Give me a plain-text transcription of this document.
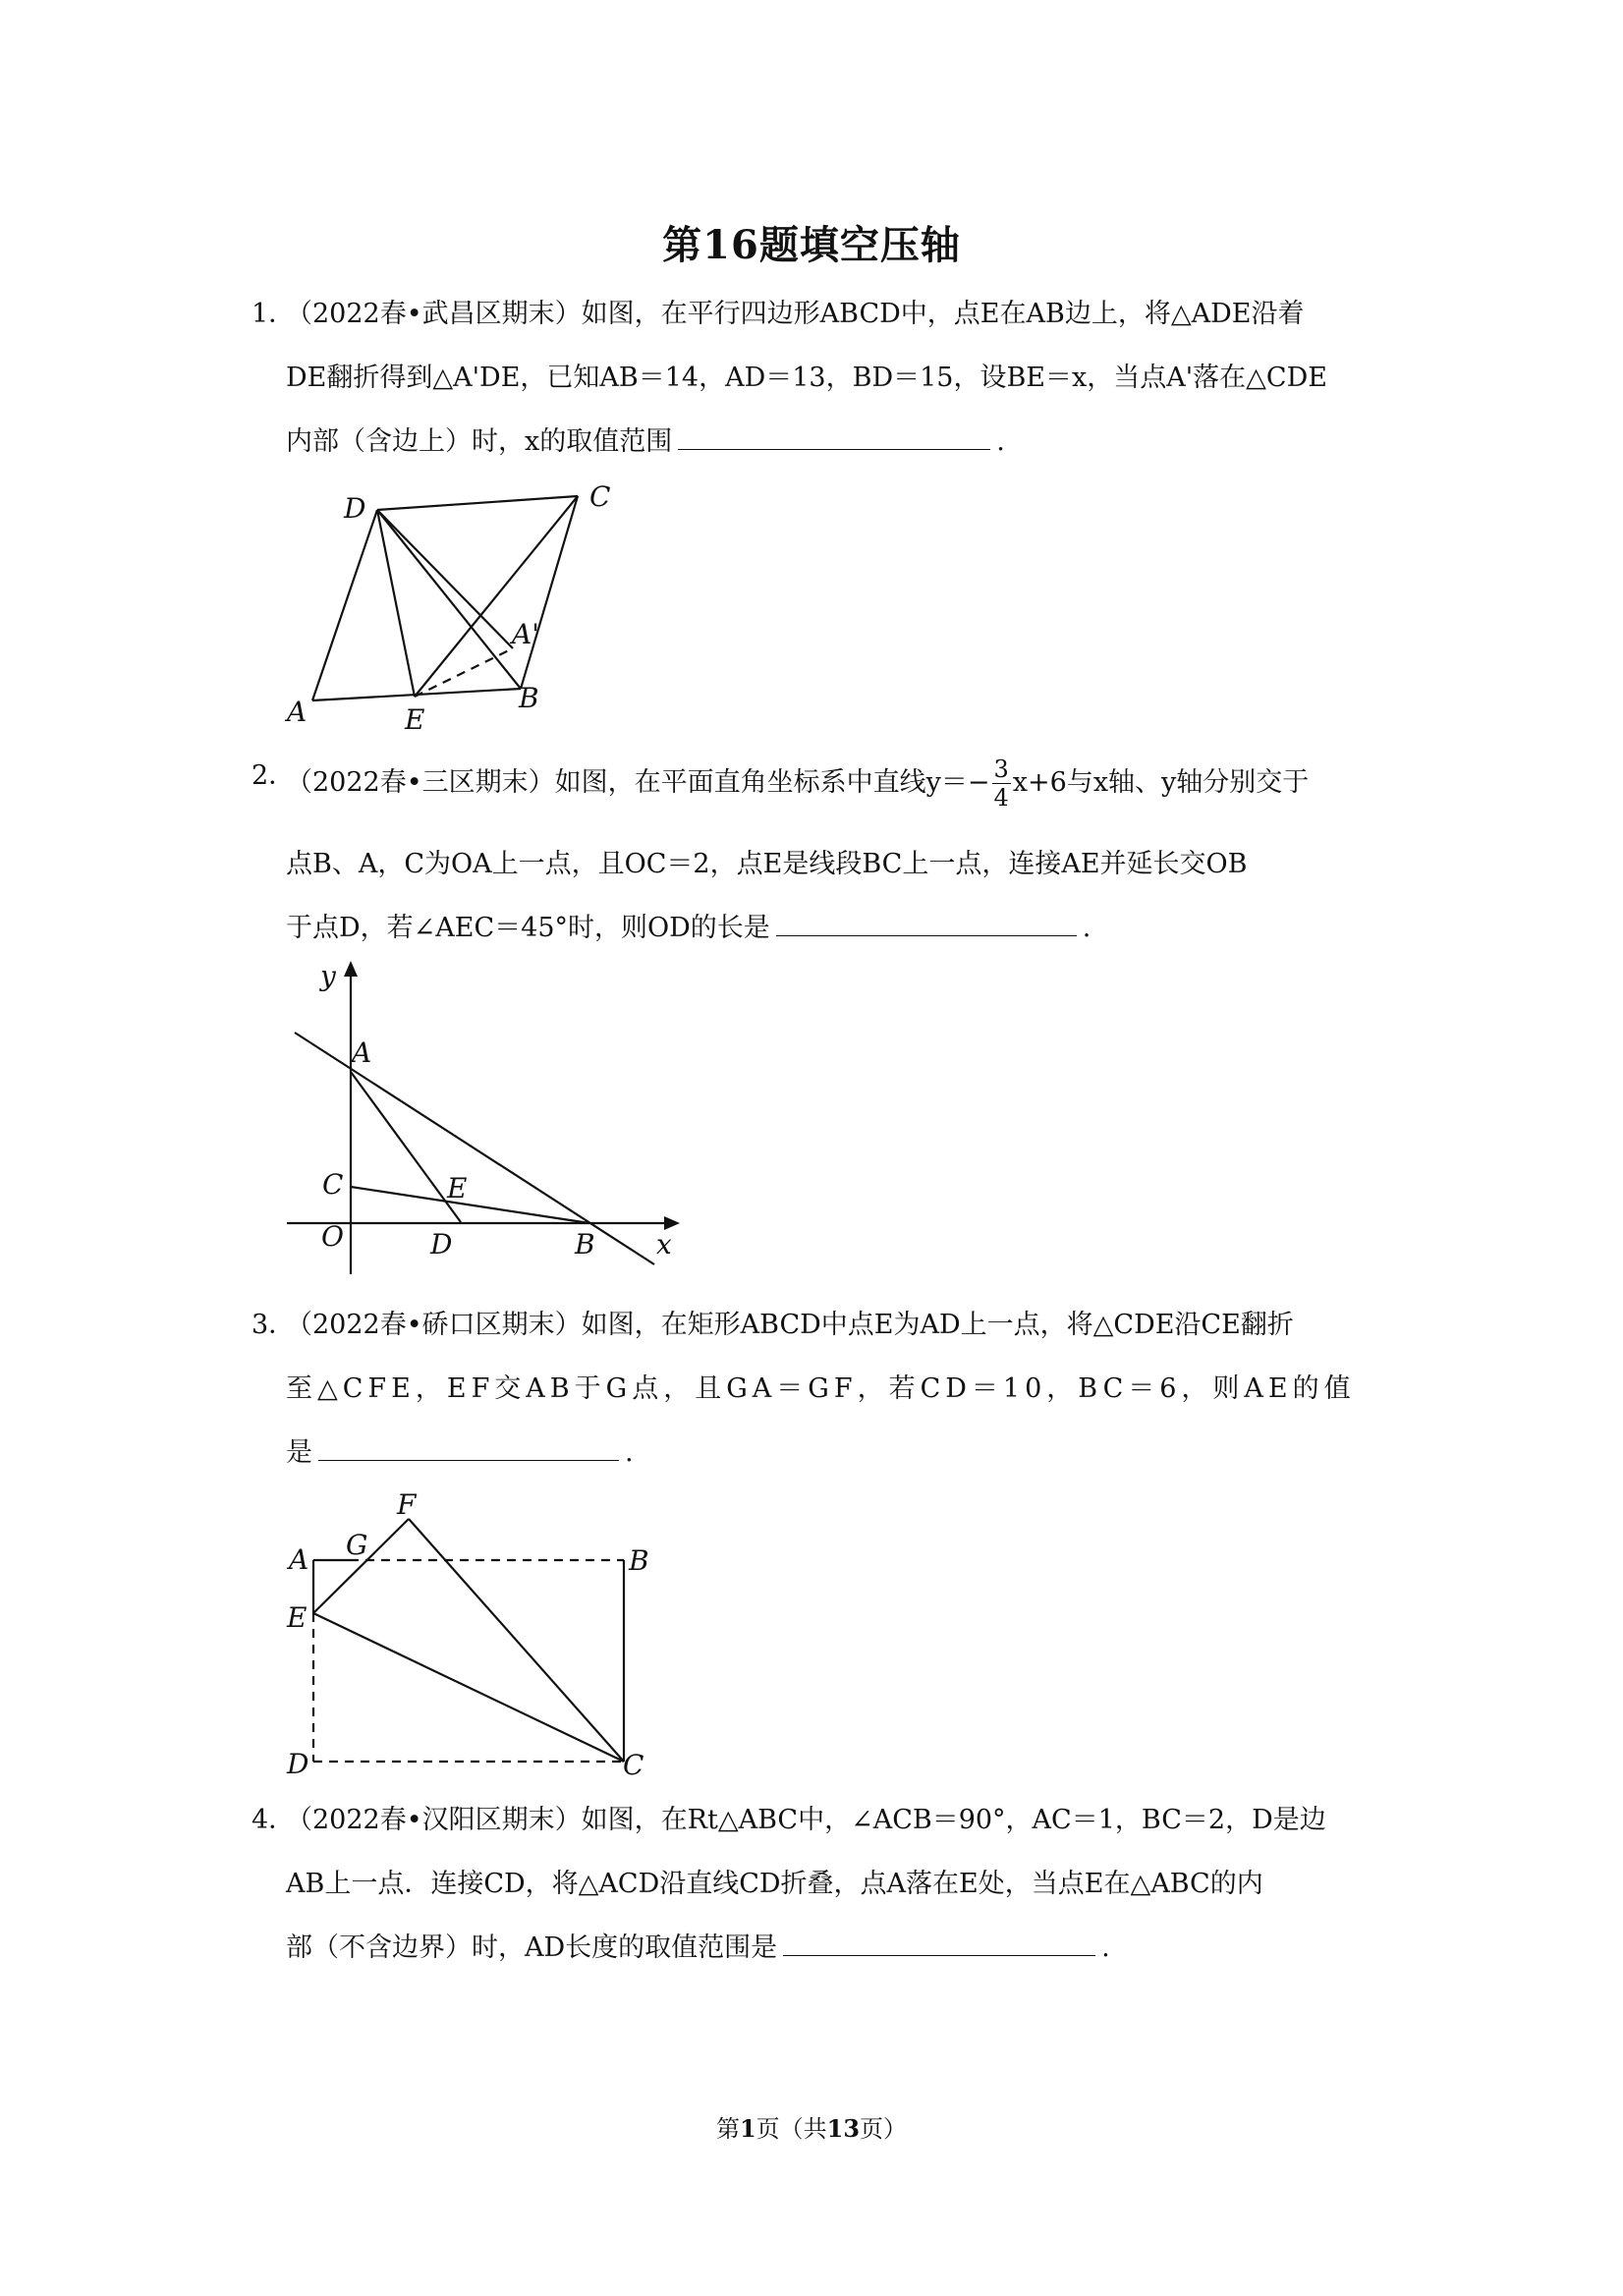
第16题填空压轴
1．
（2022春•武昌区期末）如图，在平行四边形ABCD中，点E在AB边上，将△ADE沿着
DE翻折得到△A'DE，已知AB＝14，AD＝13，BD＝15，设BE＝x，当点A'落在△CDE
内部（含边上）时，x的取值范围	.
D	C
A'
A	E
B
2．
（2022春•三区期末）如图，在平面直角坐标系中直线$y=- \frac{3}{4} x+6$与x轴、y轴分别交于
点B、A，C为OA上一点，且OC＝2，点E是线段BC上一点，连接AE并延长交OB
于点D，若∠AEC＝45°时，则OD的长是	.
y
A
C	E
O	D	B x
3．
（2022春•硚口区期末）如图，在矩形ABCD中点E为AD上一点，将△CDE沿CE翻折
至△CFE，EF交AB于G点，且GA＝GF，若CD＝10，BC＝6，则AE的值
是	.
F
A G	B
E
D	C
4．
（2022春•汉阳区期末）如图，在Rt△ABC中，∠ACB＝90°，AC＝1，BC＝2，D是边
AB上一点．连接CD，将△ACD沿直线CD折叠，点A落在E处，当点E在△ABC的内
部（不含边界）时，AD长度的取值范围是	.
第1页（共13页）
